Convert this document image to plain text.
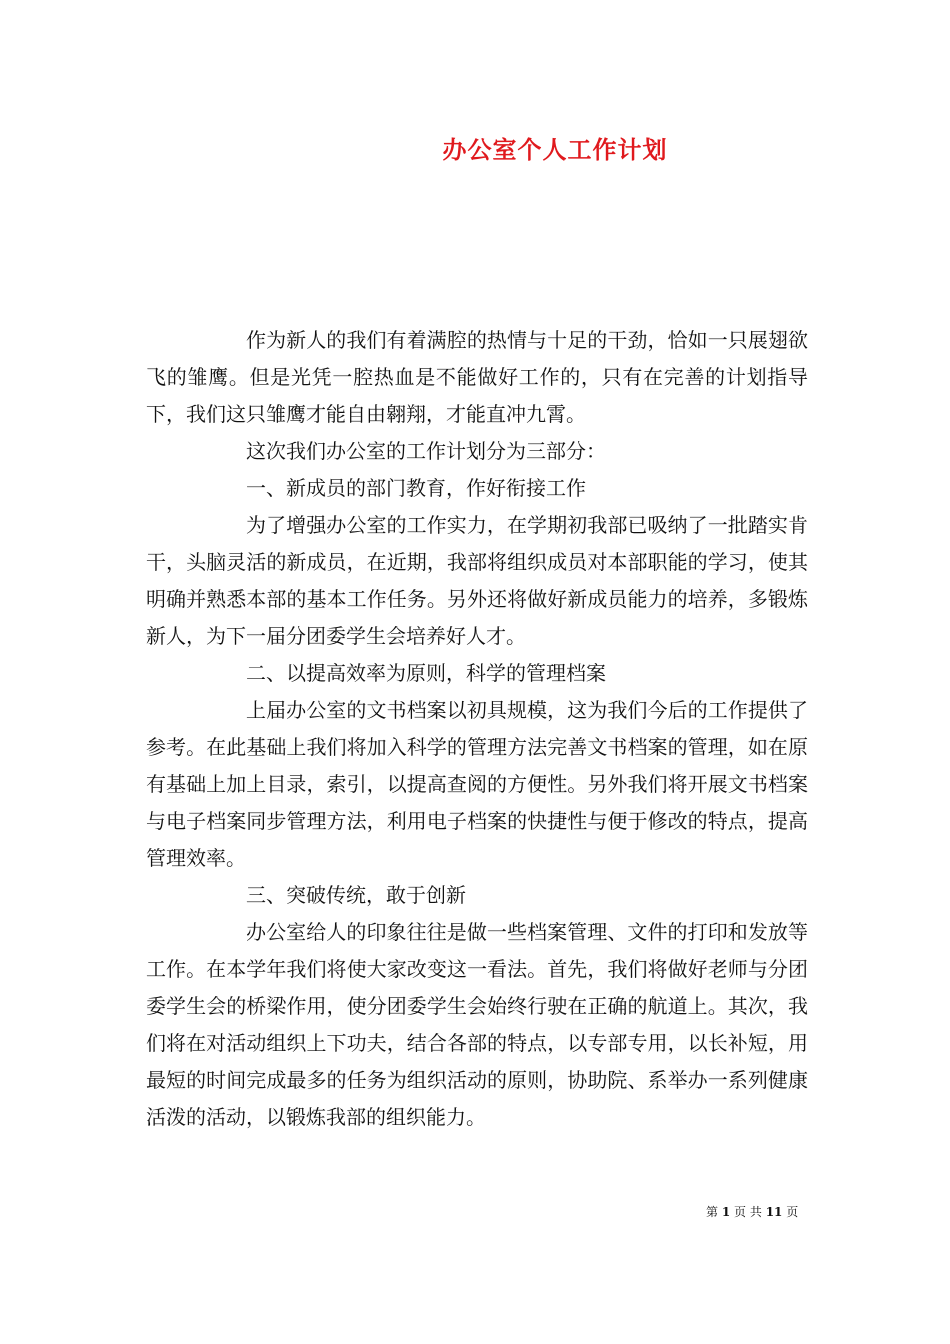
办公室个人工作计划

作为新人的我们有着满腔的热情与十足的干劲，恰如一只展翅欲飞的雏鹰。但是光凭一腔热血是不能做好工作的，只有在完善的计划指导下，我们这只雏鹰才能自由翱翔，才能直冲九霄。

这次我们办公室的工作计划分为三部分：

一、新成员的部门教育，作好衔接工作

为了增强办公室的工作实力，在学期初我部已吸纳了一批踏实肯干，头脑灵活的新成员，在近期，我部将组织成员对本部职能的学习，使其明确并熟悉本部的基本工作任务。另外还将做好新成员能力的培养，多锻炼新人，为下一届分团委学生会培养好人才。

二、以提高效率为原则，科学的管理档案

上届办公室的文书档案以初具规模，这为我们今后的工作提供了参考。在此基础上我们将加入科学的管理方法完善文书档案的管理，如在原有基础上加上目录，索引，以提高查阅的方便性。另外我们将开展文书档案与电子档案同步管理方法，利用电子档案的快捷性与便于修改的特点，提高管理效率。

三、突破传统，敢于创新

办公室给人的印象往往是做一些档案管理、文件的打印和发放等工作。在本学年我们将使大家改变这一看法。首先，我们将做好老师与分团委学生会的桥梁作用，使分团委学生会始终行驶在正确的航道上。其次，我们将在对活动组织上下功夫，结合各部的特点，以专部专用，以长补短，用最短的时间完成最多的任务为组织活动的原则，协助院、系举办一系列健康活泼的活动，以锻炼我部的组织能力。

第 1 页 共 11 页
